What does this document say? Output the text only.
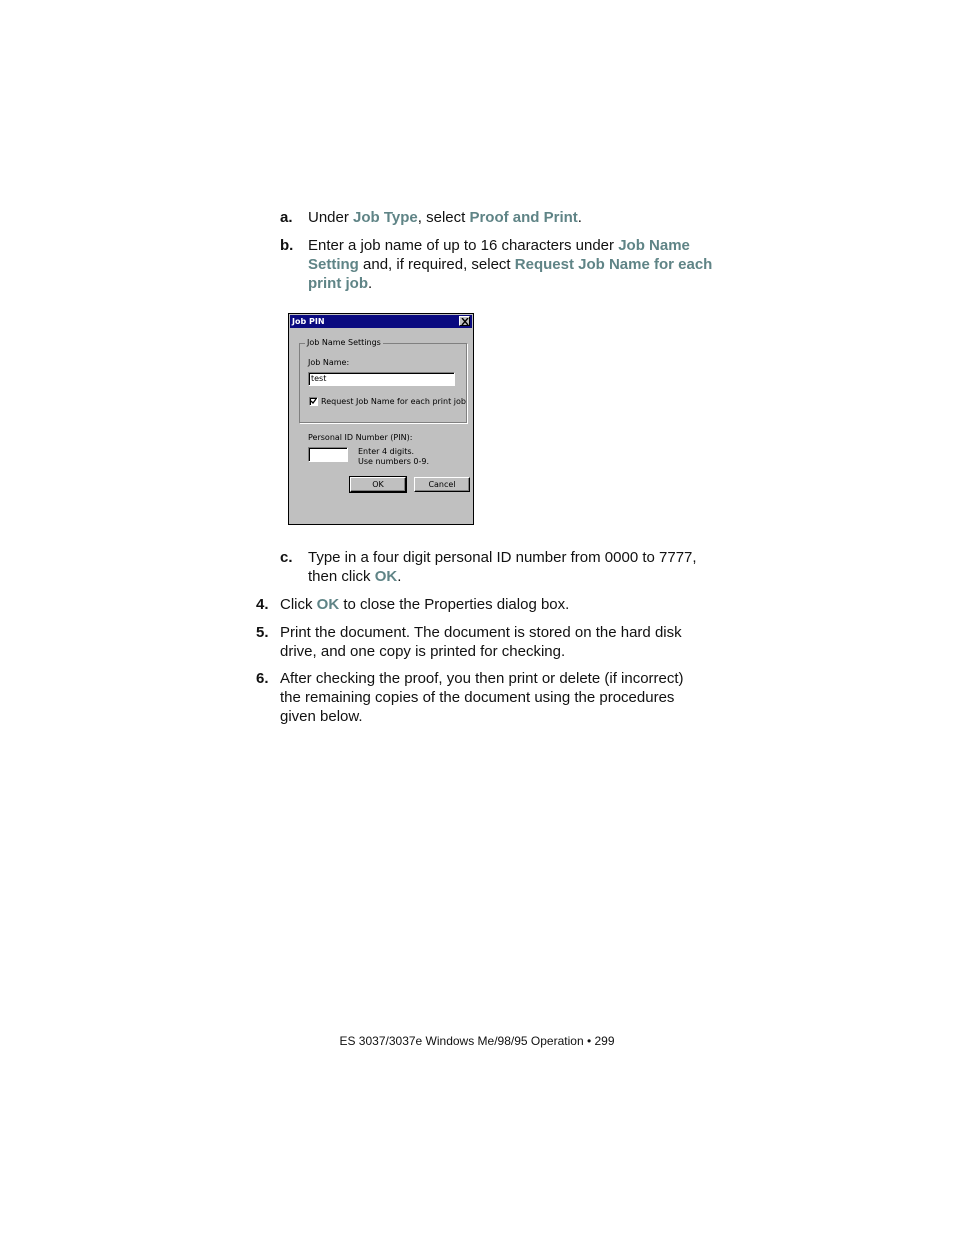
a. Under Job Type, select Proof and Print.
b. Enter a job name of up to 16 characters under Job Name
Setting and, if required, select Request Job Name for each
print job.
Job PIN
Job Name Settings
Job Name:
test
Request Job Name for each print job
Personal ID Number (PIN):
Enter 4 digits.
Use numbers 0-9.
OK	Cancel
c. Type in a four digit personal ID number from 0000 to 7777,
then click OK.
4. Click OK to close the Properties dialog box.
5. Print the document. The document is stored on the hard disk
drive, and one copy is printed for checking.
6. After checking the proof, you then print or delete (if incorrect)
the remaining copies of the document using the procedures
given below.
ES 3037/3037e Windows Me/98/95 Operation • 299
